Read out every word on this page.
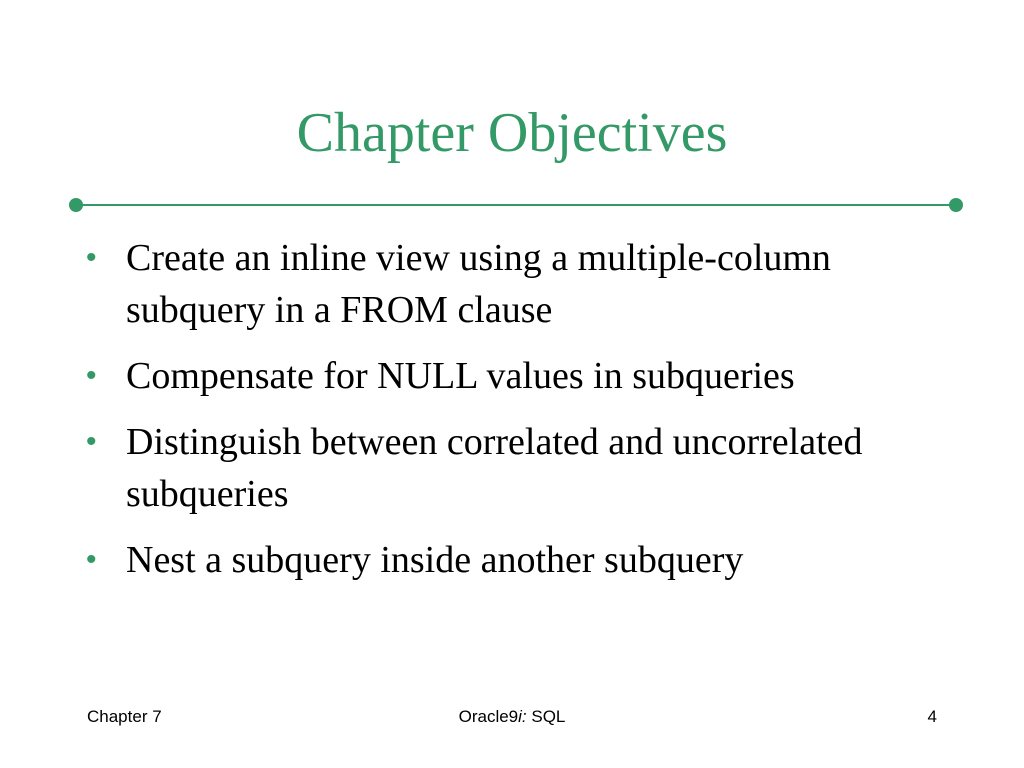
Chapter Objectives
• Create an inline view using a multiple-column subquery in a FROM clause
• Compensate for NULL values in subqueries
• Distinguish between correlated and uncorrelated subqueries
• Nest a subquery inside another subquery
Chapter 7	Oracle9i: SQL	4
